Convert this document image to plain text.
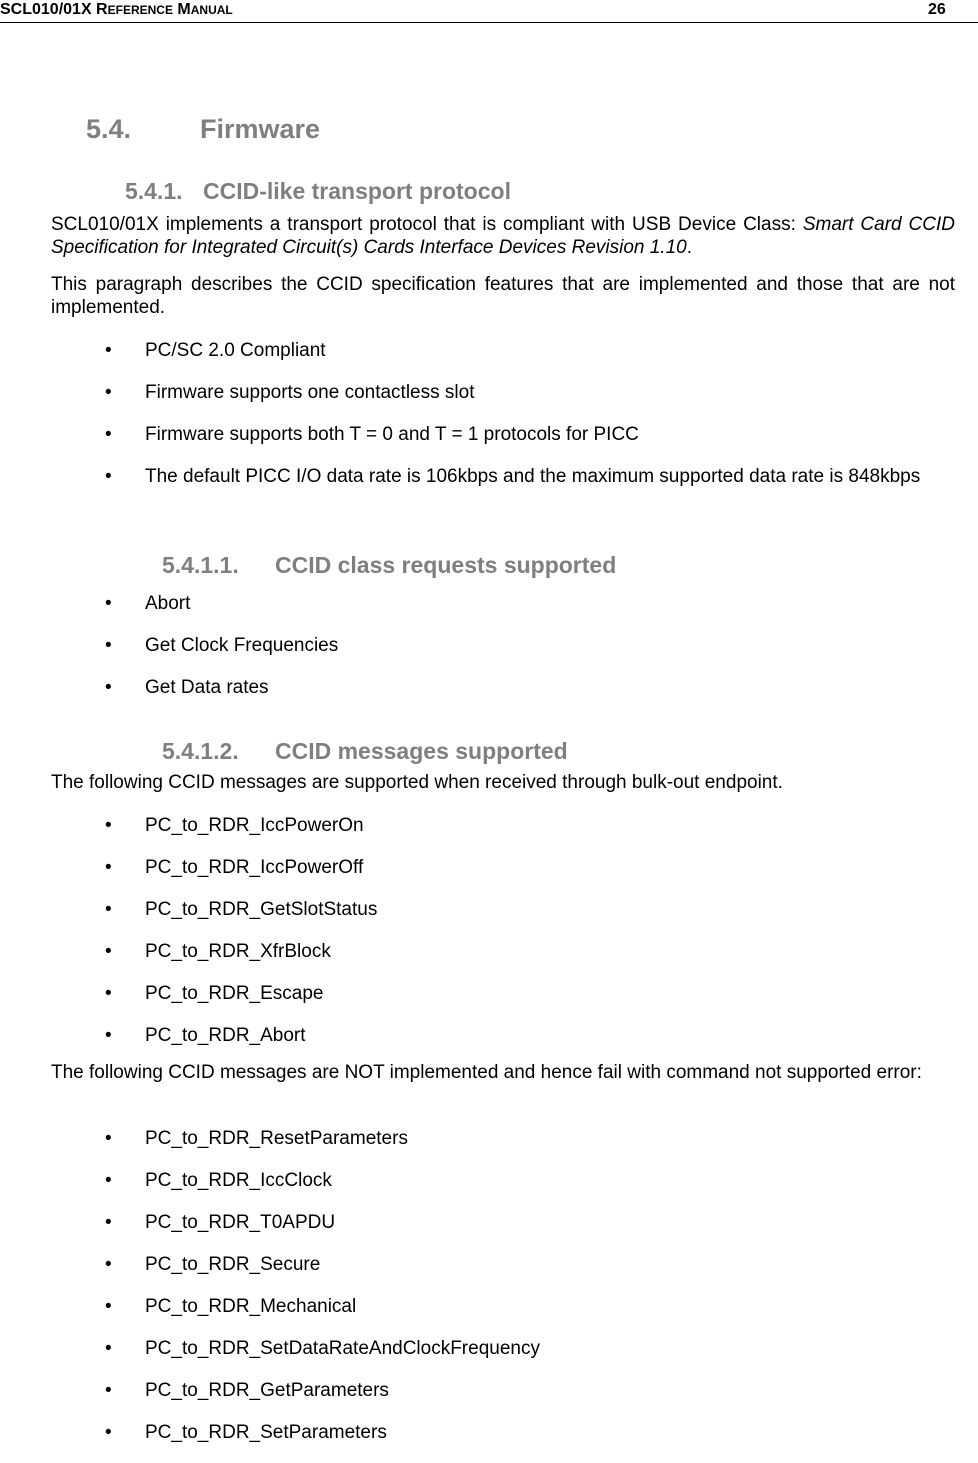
SCL010/01X REFERENCE MANUAL	26
5.4.	Firmware
5.4.1. CCID-like transport protocol
SCL010/01X implements a transport protocol that is compliant with USB Device Class: Smart Card CCID Specification for Integrated Circuit(s) Cards Interface Devices Revision 1.10.
This paragraph describes the CCID specification features that are implemented and those that are not implemented.
• PC/SC 2.0 Compliant
• Firmware supports one contactless slot
• Firmware supports both T = 0 and T = 1 protocols for PICC
• The default PICC I/O data rate is 106kbps and the maximum supported data rate is 848kbps
5.4.1.1. CCID class requests supported
• Abort
• Get Clock Frequencies
• Get Data rates
5.4.1.2. CCID messages supported
The following CCID messages are supported when received through bulk-out endpoint.
• PC_to_RDR_IccPowerOn
• PC_to_RDR_IccPowerOff
• PC_to_RDR_GetSlotStatus
• PC_to_RDR_XfrBlock
• PC_to_RDR_Escape
• PC_to_RDR_Abort
The following CCID messages are NOT implemented and hence fail with command not supported error:
• PC_to_RDR_ResetParameters
• PC_to_RDR_IccClock
• PC_to_RDR_T0APDU
• PC_to_RDR_Secure
• PC_to_RDR_Mechanical
• PC_to_RDR_SetDataRateAndClockFrequency
• PC_to_RDR_GetParameters
• PC_to_RDR_SetParameters
